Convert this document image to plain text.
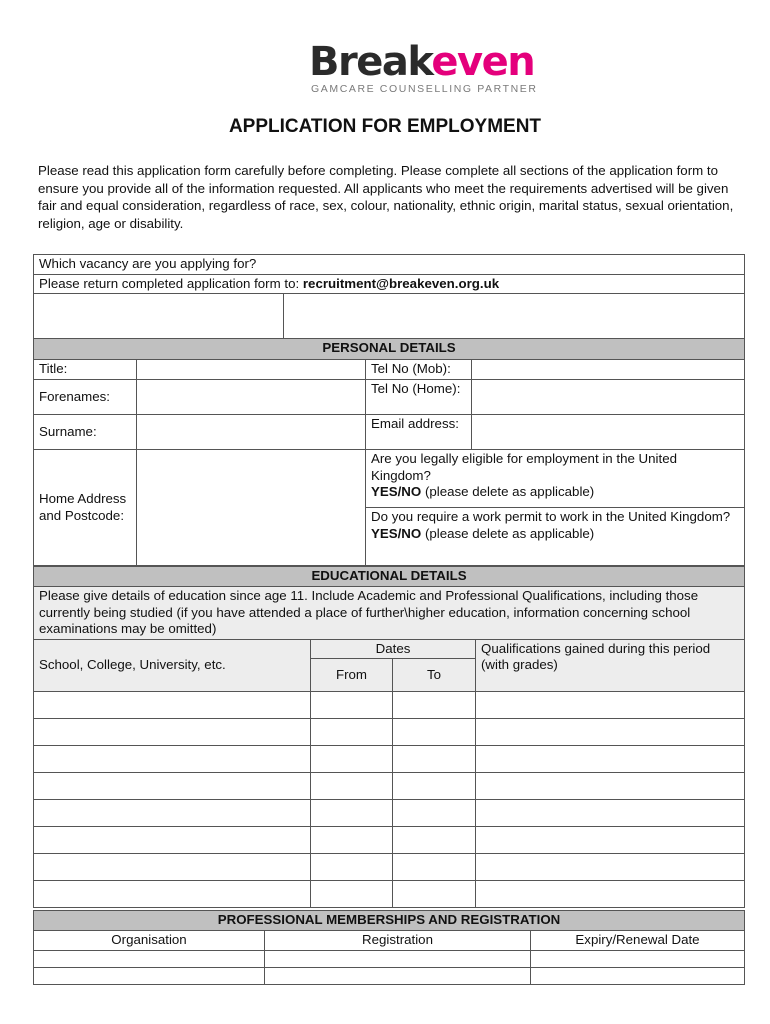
Breakeven
GAMCARE COUNSELLING PARTNER
APPLICATION FOR EMPLOYMENT
Please read this application form carefully before completing. Please complete all sections of the application form to ensure you provide all of the information requested. All applicants who meet the requirements advertised will be given fair and equal consideration, regardless of race, sex, colour, nationality, ethnic origin, marital status, sexual orientation, religion, age or disability.
Which vacancy are you applying for?
Please return completed application form to: recruitment@breakeven.org.uk

PERSONAL DETAILS			
Title:		Tel No (Mob):	
Forenames:		Tel No (Home):	
Surname:		Email address:	
Home Address and Postcode:		Are you legally eligible for employment in the United Kingdom?
YES/NO (please delete as applicable)	

		Do you require a work permit to work in the United Kingdom?
YES/NO (please delete as applicable)	
EDUCATIONAL DETAILS			
Please give details of education since age 11. Include Academic and Professional Qualifications, including those currently being studied (if you have attended a place of further\higher education, information concerning school examinations may be omitted)			
School, College, University, etc.	Dates		Qualifications gained during this period (with grades)
	From	To	

PROFESSIONAL MEMBERSHIPS AND REGISTRATION		
Organisation	Registration	Expiry/Renewal Date
